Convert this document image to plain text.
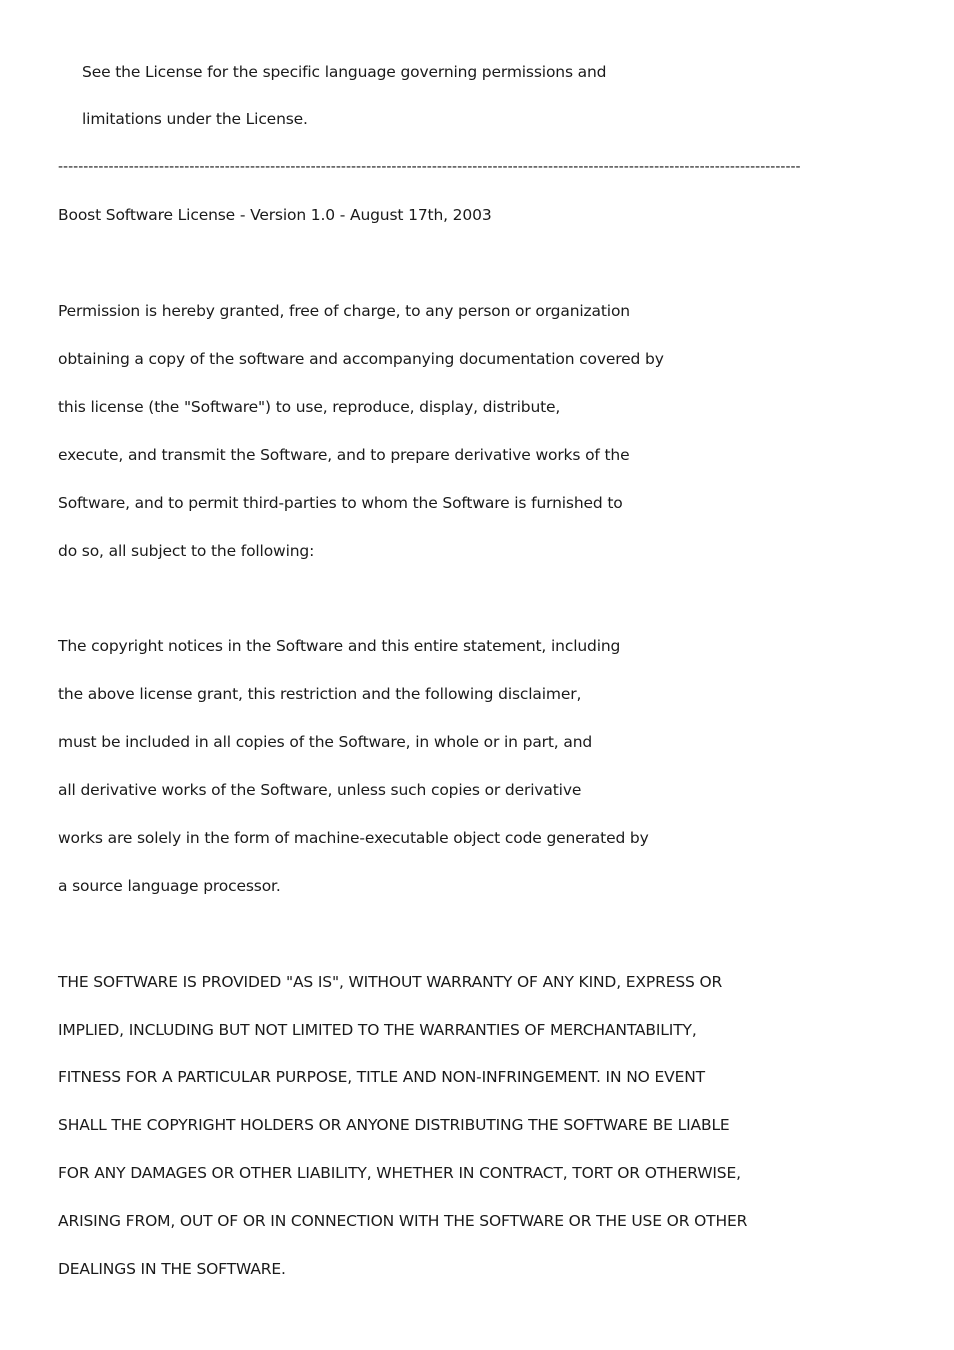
See the License for the specific language governing permissions and
limitations under the License.
---------------------------------------------------------------------------------------------------------------------------------------------------
Boost Software License - Version 1.0 - August 17th, 2003
Permission is hereby granted, free of charge, to any person or organization
obtaining a copy of the software and accompanying documentation covered by
this license (the "Software") to use, reproduce, display, distribute,
execute, and transmit the Software, and to prepare derivative works of the
Software, and to permit third-parties to whom the Software is furnished to
do so, all subject to the following:
The copyright notices in the Software and this entire statement, including
the above license grant, this restriction and the following disclaimer,
must be included in all copies of the Software, in whole or in part, and
all derivative works of the Software, unless such copies or derivative
works are solely in the form of machine-executable object code generated by
a source language processor.
THE SOFTWARE IS PROVIDED "AS IS", WITHOUT WARRANTY OF ANY KIND, EXPRESS OR
IMPLIED, INCLUDING BUT NOT LIMITED TO THE WARRANTIES OF MERCHANTABILITY,
FITNESS FOR A PARTICULAR PURPOSE, TITLE AND NON-INFRINGEMENT. IN NO EVENT
SHALL THE COPYRIGHT HOLDERS OR ANYONE DISTRIBUTING THE SOFTWARE BE LIABLE
FOR ANY DAMAGES OR OTHER LIABILITY, WHETHER IN CONTRACT, TORT OR OTHERWISE,
ARISING FROM, OUT OF OR IN CONNECTION WITH THE SOFTWARE OR THE USE OR OTHER
DEALINGS IN THE SOFTWARE.
